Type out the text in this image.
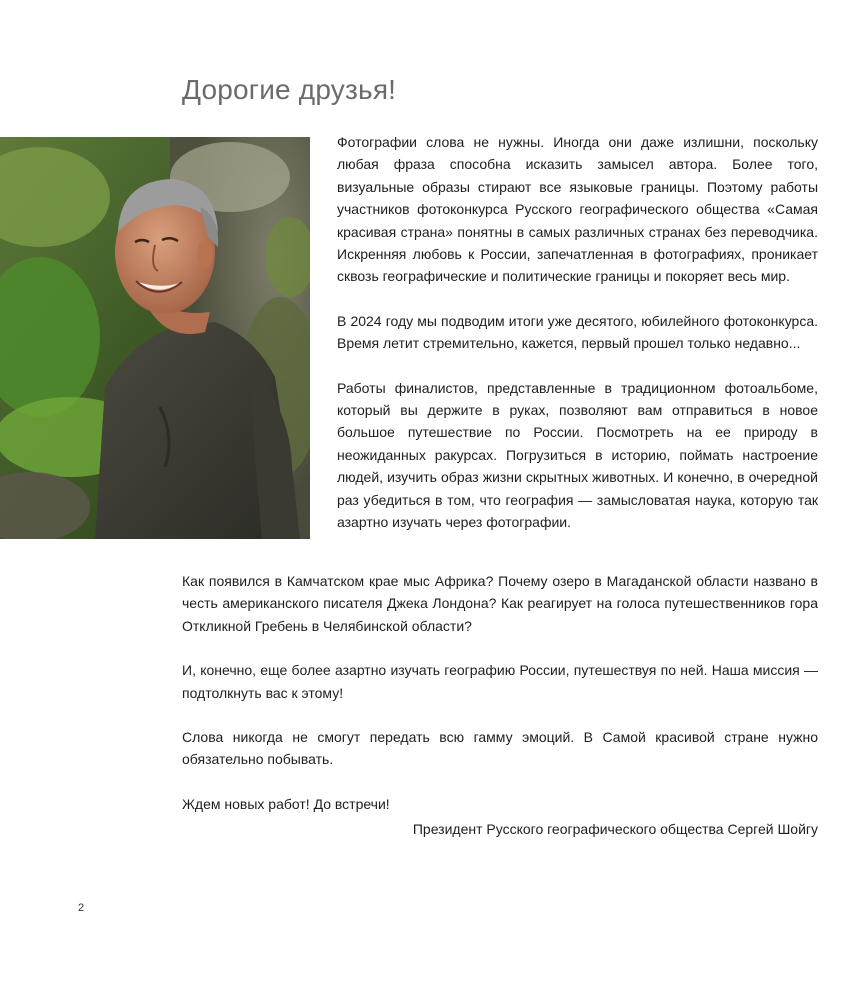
Дорогие друзья!

Фотографии слова не нужны. Иногда они даже излишни, поскольку любая фраза способна исказить замысел автора. Более того, визуальные образы стирают все языковые границы. Поэтому работы участников фотоконкурса Русского географического общества «Самая красивая страна» понятны в самых различных странах без переводчика. Искренняя любовь к России, запечатленная в фотографиях, проникает сквозь географические и политические границы и покоряет весь мир.

В 2024 году мы подводим итоги уже десятого, юбилейного фотоконкурса. Время летит стремительно, кажется, первый прошел только недавно...

Работы финалистов, представленные в традиционном фотоальбоме, который вы держите в руках, позволяют вам отправиться в новое большое путешествие по России. Посмотреть на ее природу в неожиданных ракурсах. Погрузиться в историю, поймать настроение людей, изучить образ жизни скрытных животных. И конечно, в очередной раз убедиться в том, что география — замысловатая наука, которую так азартно изучать через фотографии.

Как появился в Камчатском крае мыс Африка? Почему озеро в Магаданской области названо в честь американского писателя Джека Лондона? Как реагирует на голоса путешественников гора Откликной Гребень в Челябинской области?

И, конечно, еще более азартно изучать географию России, путешествуя по ней. Наша миссия — подтолкнуть вас к этому!

Слова никогда не смогут передать всю гамму эмоций. В Самой красивой стране нужно обязательно побывать.

Ждем новых работ! До встречи!

Президент Русского географического общества Сергей Шойгу

2
